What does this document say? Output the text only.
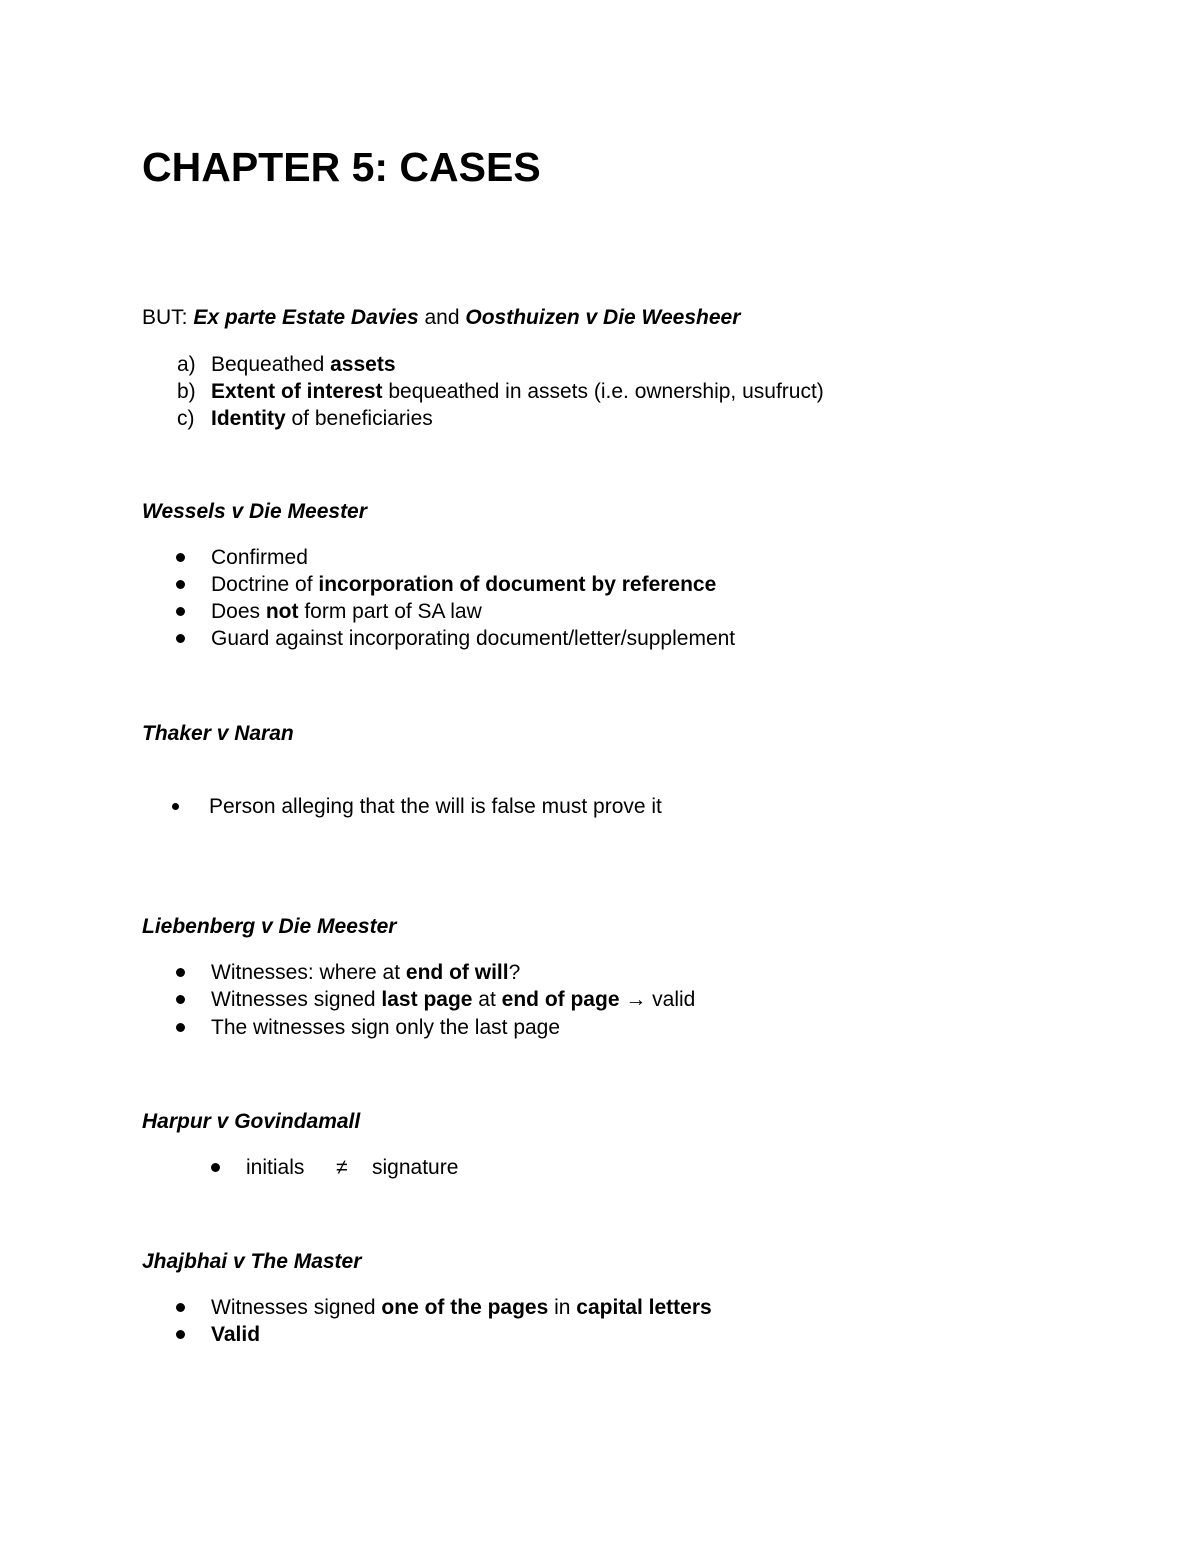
CHAPTER 5: CASES
BUT: Ex parte Estate Davies and Oosthuizen v Die Weesheer
a) Bequeathed assets
b) Extent of interest bequeathed in assets (i.e. ownership, usufruct)
c) Identity of beneficiaries
Wessels v Die Meester
Confirmed
Doctrine of incorporation of document by reference
Does not form part of SA law
Guard against incorporating document/letter/supplement
Thaker v Naran
Person alleging that the will is false must prove it
Liebenberg v Die Meester
Witnesses: where at end of will?
Witnesses signed last page at end of page → valid
The witnesses sign only the last page
Harpur v Govindamall
initials ≠ signature
Jhajbhai v The Master
Witnesses signed one of the pages in capital letters
Valid
